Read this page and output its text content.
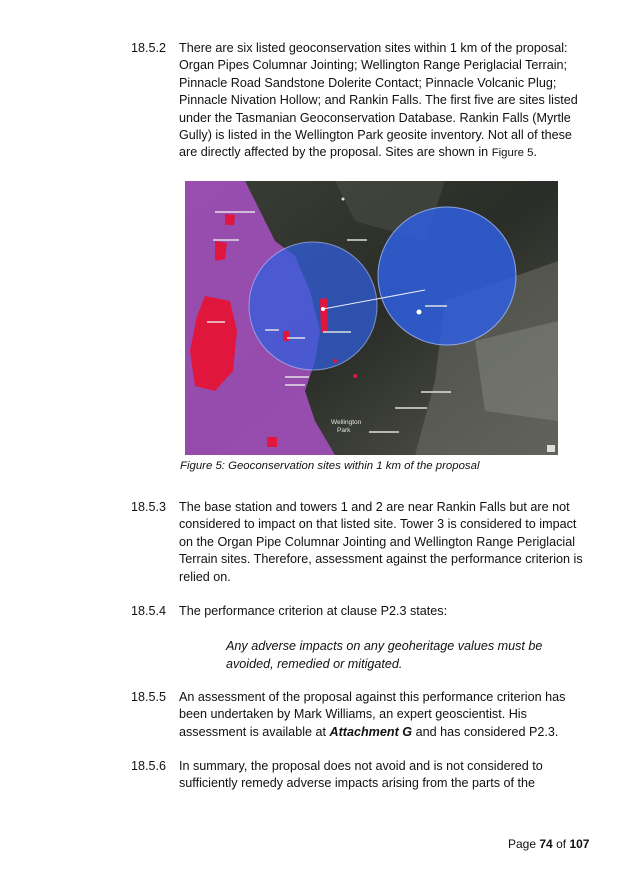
18.5.2 There are six listed geoconservation sites within 1 km of the proposal:
Organ Pipes Columnar Jointing; Wellington Range Periglacial Terrain;
Pinnacle Road Sandstone Dolerite Contact; Pinnacle Volcanic Plug;
Pinnacle Nivation Hollow; and Rankin Falls. The first five are sites listed
under the Tasmanian Geoconservation Database. Rankin Falls (Myrtle
Gully) is listed in the Wellington Park geosite inventory. Not all of these
are directly affected by the proposal. Sites are shown in Figure 5.
Wellington
Park
Figure 5: Geoconservation sites within 1 km of the proposal
18.5.3 The base station and towers 1 and 2 are near Rankin Falls but are not
considered to impact on that listed site. Tower 3 is considered to impact
on the Organ Pipe Columnar Jointing and Wellington Range Periglacial
Terrain sites. Therefore, assessment against the performance criterion is
relied on.
18.5.4 The performance criterion at clause P2.3 states:
Any adverse impacts on any geoheritage values must be
avoided, remedied or mitigated.
18.5.5 An assessment of the proposal against this performance criterion has
been undertaken by Mark Williams, an expert geoscientist. His
assessment is available at Attachment G and has considered P2.3.
18.5.6 In summary, the proposal does not avoid and is not considered to
sufficiently remedy adverse impacts arising from the parts of the
Page 74 of 107
